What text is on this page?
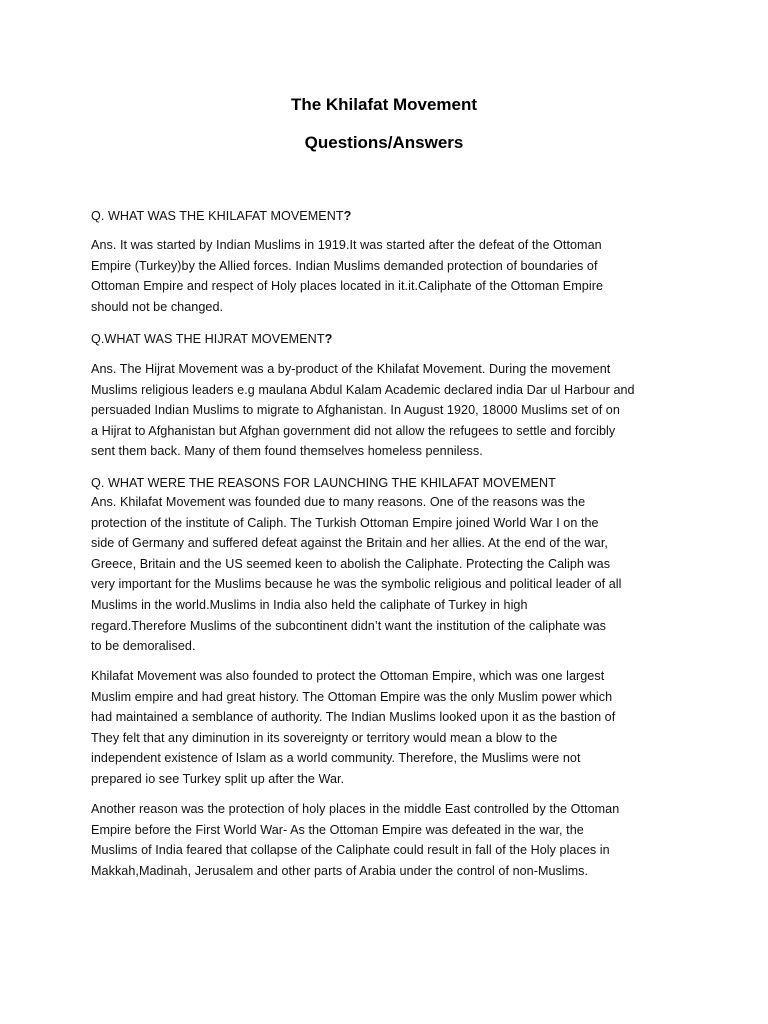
The Khilafat Movement
Questions/Answers
Q. WHAT WAS THE KHILAFAT MOVEMENT?
Ans. It was started by Indian Muslims in 1919.It was started after the defeat of the Ottoman
Empire (Turkey)by the Allied forces. Indian Muslims demanded protection of boundaries of
Ottoman Empire and respect of Holy places located in it.it.Caliphate of the Ottoman Empire
should not be changed.
Q.WHAT WAS THE HIJRAT MOVEMENT?
Ans. The Hijrat Movement was a by-product of the Khilafat Movement. During the movement
Muslims religious leaders e.g maulana Abdul Kalam Academic declared india Dar ul Harbour and
persuaded Indian Muslims to migrate to Afghanistan. In August 1920, 18000 Muslims set of on
a Hijrat to Afghanistan but Afghan government did not allow the refugees to settle and forcibly
sent them back. Many of them found themselves homeless penniless.
Q. WHAT WERE THE REASONS FOR LAUNCHING THE KHILAFAT MOVEMENT
Ans. Khilafat Movement was founded due to many reasons. One of the reasons was the
protection of the institute of Caliph. The Turkish Ottoman Empire joined World War I on the
side of Germany and suffered defeat against the Britain and her allies. At the end of the war,
Greece, Britain and the US seemed keen to abolish the Caliphate. Protecting the Caliph was
very important for the Muslims because he was the symbolic religious and political leader of all
Muslims in the world.Muslims in India also held the caliphate of Turkey in high
regard.Therefore Muslims of the subcontinent didn’t want the institution of the caliphate was
to be demoralised.
Khilafat Movement was also founded to protect the Ottoman Empire, which was one largest
Muslim empire and had great history. The Ottoman Empire was the only Muslim power which
had maintained a semblance of authority. The Indian Muslims looked upon it as the bastion of
They felt that any diminution in its sovereignty or territory would mean a blow to the
independent existence of Islam as a world community. Therefore, the Muslims were not
prepared io see Turkey split up after the War.
Another reason was the protection of holy places in the middle East controlled by the Ottoman
Empire before the First World War- As the Ottoman Empire was defeated in the war, the
Muslims of India feared that collapse of the Caliphate could result in fall of the Holy places in
Makkah,Madinah, Jerusalem and other parts of Arabia under the control of non-Muslims.
